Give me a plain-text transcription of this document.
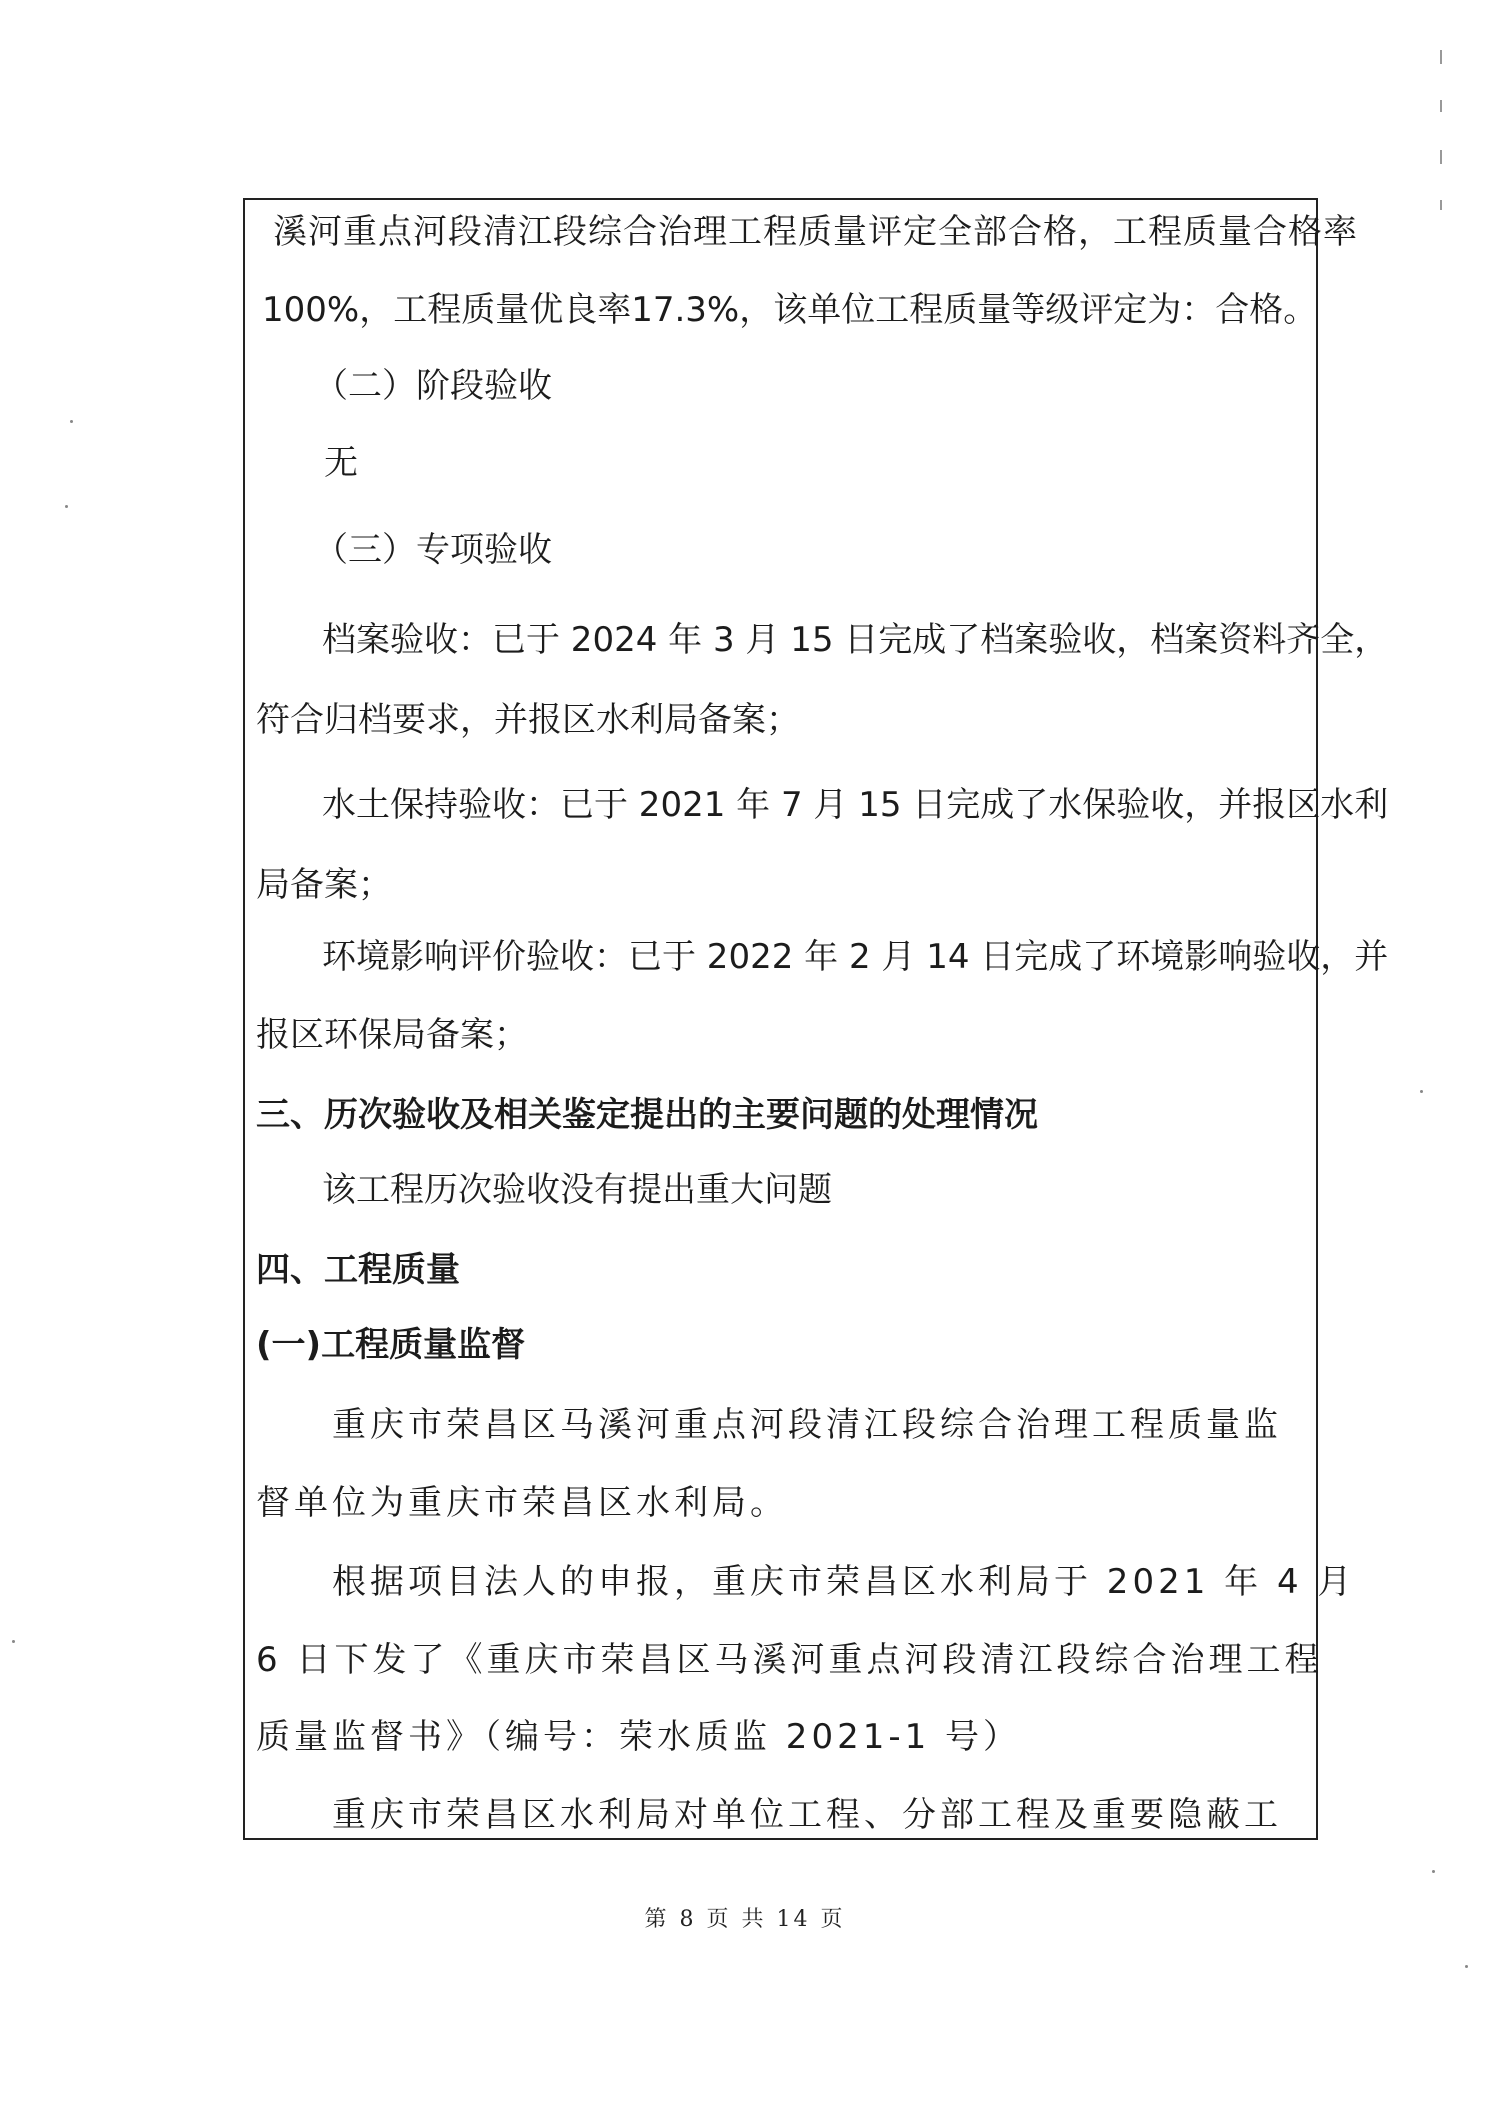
溪河重点河段清江段综合治理工程质量评定全部合格，工程质量合格率
100%，工程质量优良率17.3%，该单位工程质量等级评定为：合格。
（二）阶段验收
无
（三）专项验收
档案验收：已于 2024 年 3 月 15 日完成了档案验收，档案资料齐全，
符合归档要求，并报区水利局备案；
水土保持验收：已于 2021 年 7 月 15 日完成了水保验收，并报区水利
局备案；
环境影响评价验收：已于 2022 年 2 月 14 日完成了环境影响验收，并
报区环保局备案；
三、历次验收及相关鉴定提出的主要问题的处理情况
该工程历次验收没有提出重大问题
四、工程质量
(一)工程质量监督
重庆市荣昌区马溪河重点河段清江段综合治理工程质量监
督单位为重庆市荣昌区水利局。
根据项目法人的申报，重庆市荣昌区水利局于 2021 年 4 月
6 日下发了《重庆市荣昌区马溪河重点河段清江段综合治理工程
质量监督书》（编号：荣水质监 2021-1 号）
重庆市荣昌区水利局对单位工程、分部工程及重要隐蔽工
第 8 页 共 14 页
